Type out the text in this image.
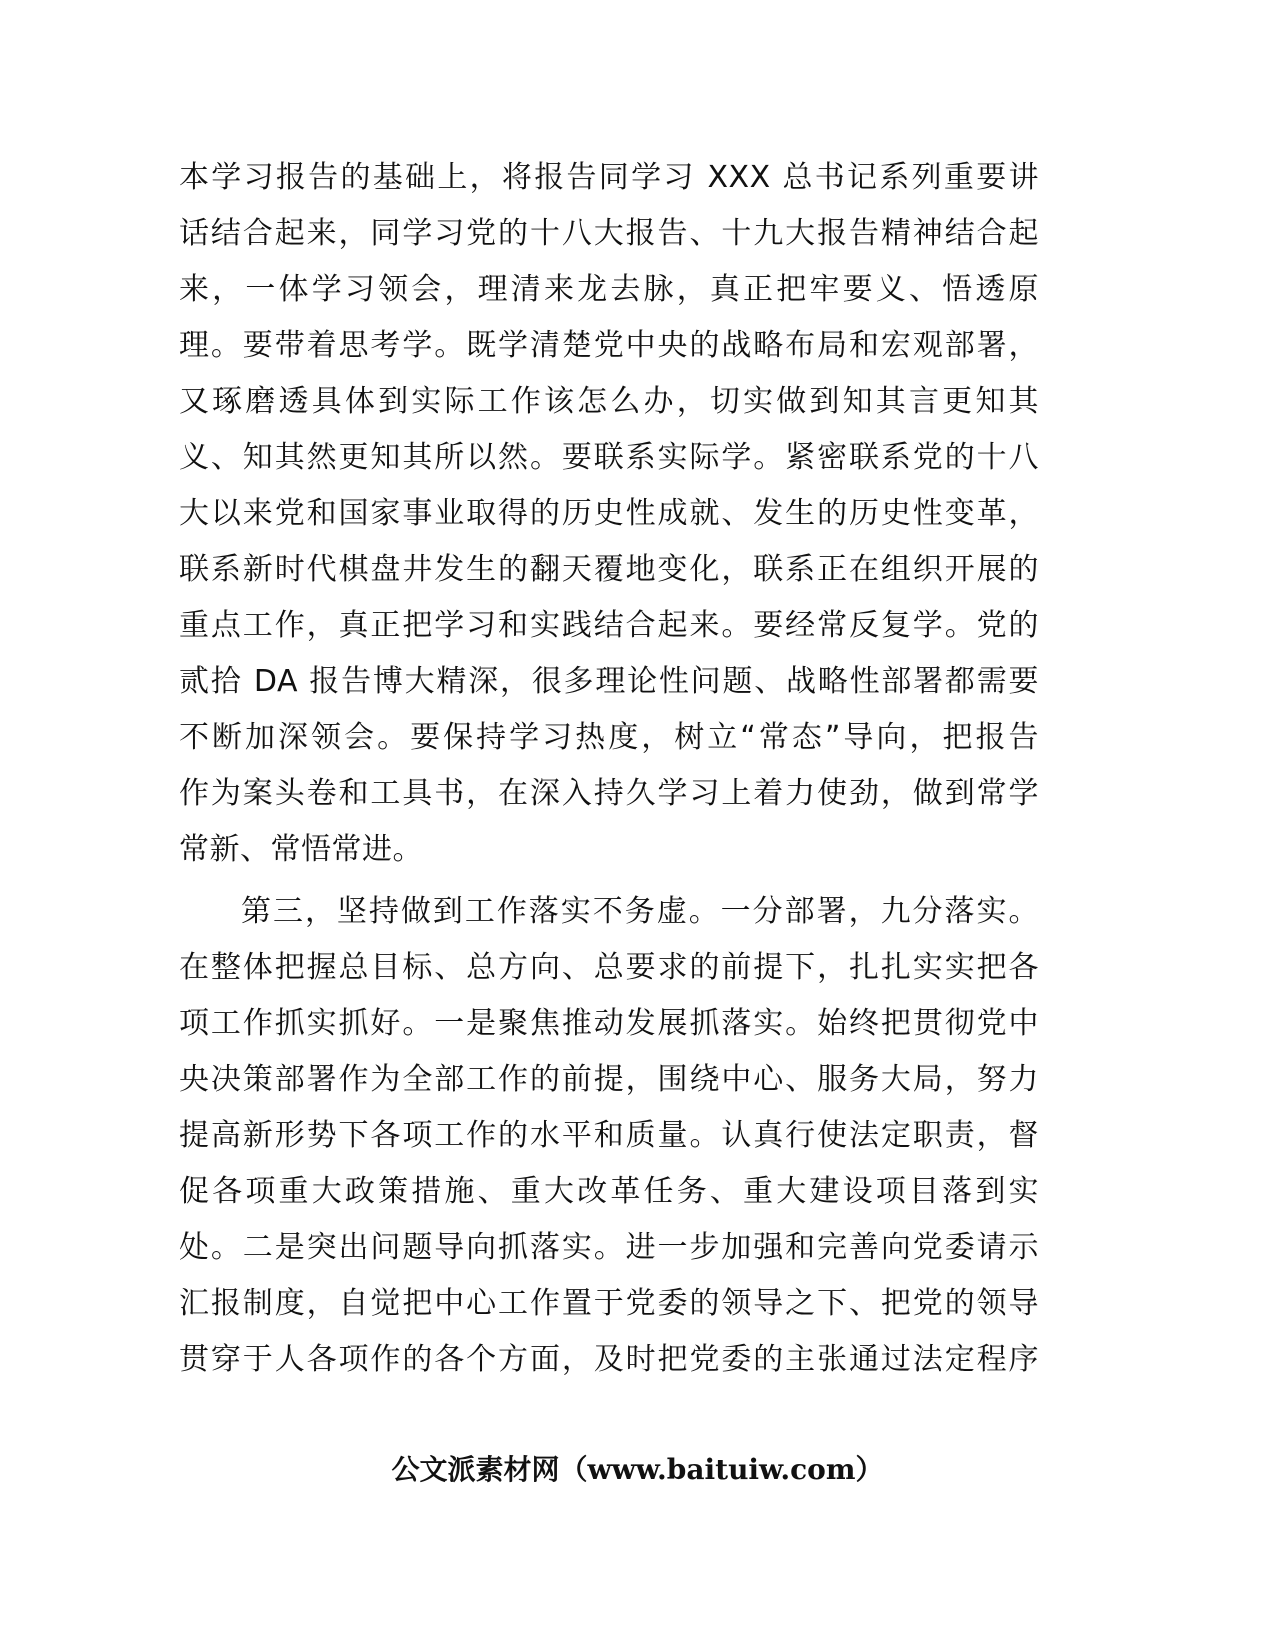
本学习报告的基础上，将报告同学习 XXX 总书记系列重要讲
话结合起来，同学习党的十八大报告、十九大报告精神结合起
来，一体学习领会，理清来龙去脉，真正把牢要义、悟透原
理。要带着思考学。既学清楚党中央的战略布局和宏观部署，
又琢磨透具体到实际工作该怎么办，切实做到知其言更知其
义、知其然更知其所以然。要联系实际学。紧密联系党的十八
大以来党和国家事业取得的历史性成就、发生的历史性变革，
联系新时代棋盘井发生的翻天覆地变化，联系正在组织开展的
重点工作，真正把学习和实践结合起来。要经常反复学。党的
贰拾 DA 报告博大精深，很多理论性问题、战略性部署都需要
不断加深领会。要保持学习热度，树立“常态”导向，把报告
作为案头卷和工具书，在深入持久学习上着力使劲，做到常学
常新、常悟常进。
第三，坚持做到工作落实不务虚。一分部署，九分落实。
在整体把握总目标、总方向、总要求的前提下，扎扎实实把各
项工作抓实抓好。一是聚焦推动发展抓落实。始终把贯彻党中
央决策部署作为全部工作的前提，围绕中心、服务大局，努力
提高新形势下各项工作的水平和质量。认真行使法定职责，督
促各项重大政策措施、重大改革任务、重大建设项目落到实
处。二是突出问题导向抓落实。进一步加强和完善向党委请示
汇报制度，自觉把中心工作置于党委的领导之下、把党的领导
贯穿于人各项作的各个方面，及时把党委的主张通过法定程序
公文派素材网（www.baituiw.com）
